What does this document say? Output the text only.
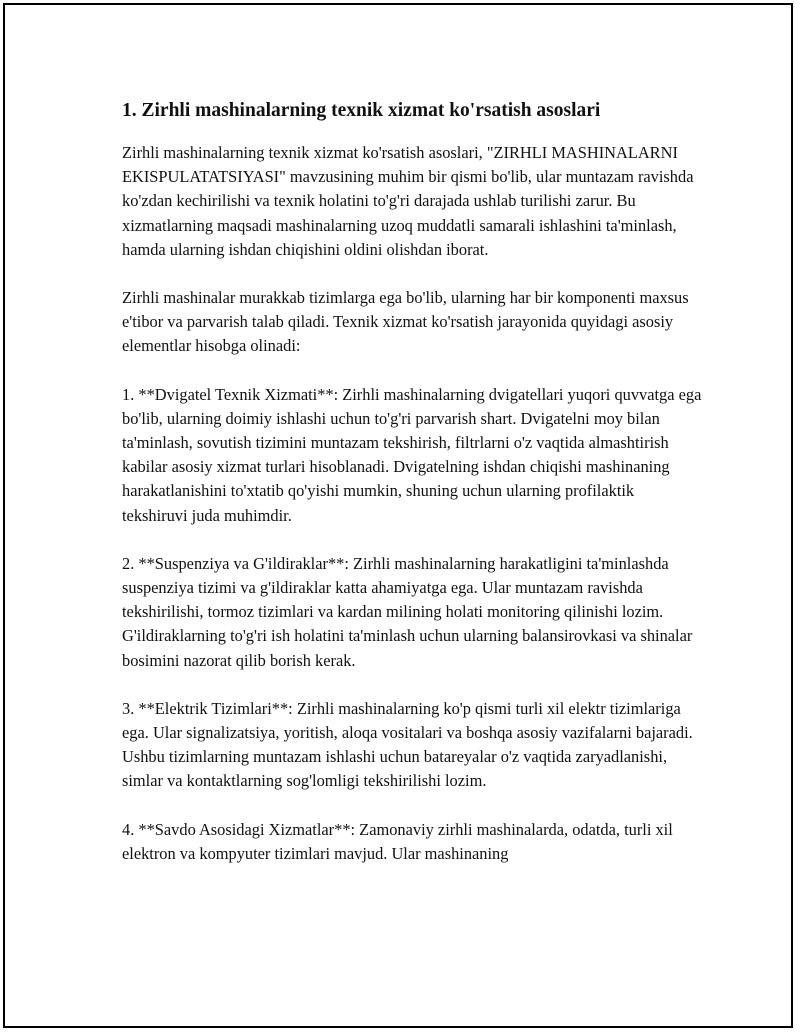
1. Zirhli mashinalarning texnik xizmat ko'rsatish asoslari

Zirhli mashinalarning texnik xizmat ko'rsatish asoslari, "ZIRHLI MASHINALARNI EKISPULATATSIYASI" mavzusining muhim bir qismi bo'lib, ular muntazam ravishda ko'zdan kechirilishi va texnik holatini to'g'ri darajada ushlab turilishi zarur. Bu xizmatlarning maqsadi mashinalarning uzoq muddatli samarali ishlashini ta'minlash, hamda ularning ishdan chiqishini oldini olishdan iborat.

Zirhli mashinalar murakkab tizimlarga ega bo'lib, ularning har bir komponenti maxsus e'tibor va parvarish talab qiladi. Texnik xizmat ko'rsatish jarayonida quyidagi asosiy elementlar hisobga olinadi:

1. **Dvigatel Texnik Xizmati**: Zirhli mashinalarning dvigatellari yuqori quvvatga ega bo'lib, ularning doimiy ishlashi uchun to'g'ri parvarish shart. Dvigatelni moy bilan ta'minlash, sovutish tizimini muntazam tekshirish, filtrlarni o'z vaqtida almashtirish kabilar asosiy xizmat turlari hisoblanadi. Dvigatelning ishdan chiqishi mashinaning harakatlanishini to'xtatib qo'yishi mumkin, shuning uchun ularning profilaktik tekshiruvi juda muhimdir.

2. **Suspenziya va G'ildiraklar**: Zirhli mashinalarning harakatligini ta'minlashda suspenziya tizimi va g'ildiraklar katta ahamiyatga ega. Ular muntazam ravishda tekshirilishi, tormoz tizimlari va kardan milining holati monitoring qilinishi lozim. G'ildiraklarning to'g'ri ish holatini ta'minlash uchun ularning balansirovkasi va shinalar bosimini nazorat qilib borish kerak.

3. **Elektrik Tizimlari**: Zirhli mashinalarning ko'p qismi turli xil elektr tizimlariga ega. Ular signalizatsiya, yoritish, aloqa vositalari va boshqa asosiy vazifalarni bajaradi. Ushbu tizimlarning muntazam ishlashi uchun batareyalar o'z vaqtida zaryadlanishi, simlar va kontaktlarning sog'lomligi tekshirilishi lozim.

4. **Savdo Asosidagi Xizmatlar**: Zamonaviy zirhli mashinalarda, odatda, turli xil elektron va kompyuter tizimlari mavjud. Ular mashinaning
